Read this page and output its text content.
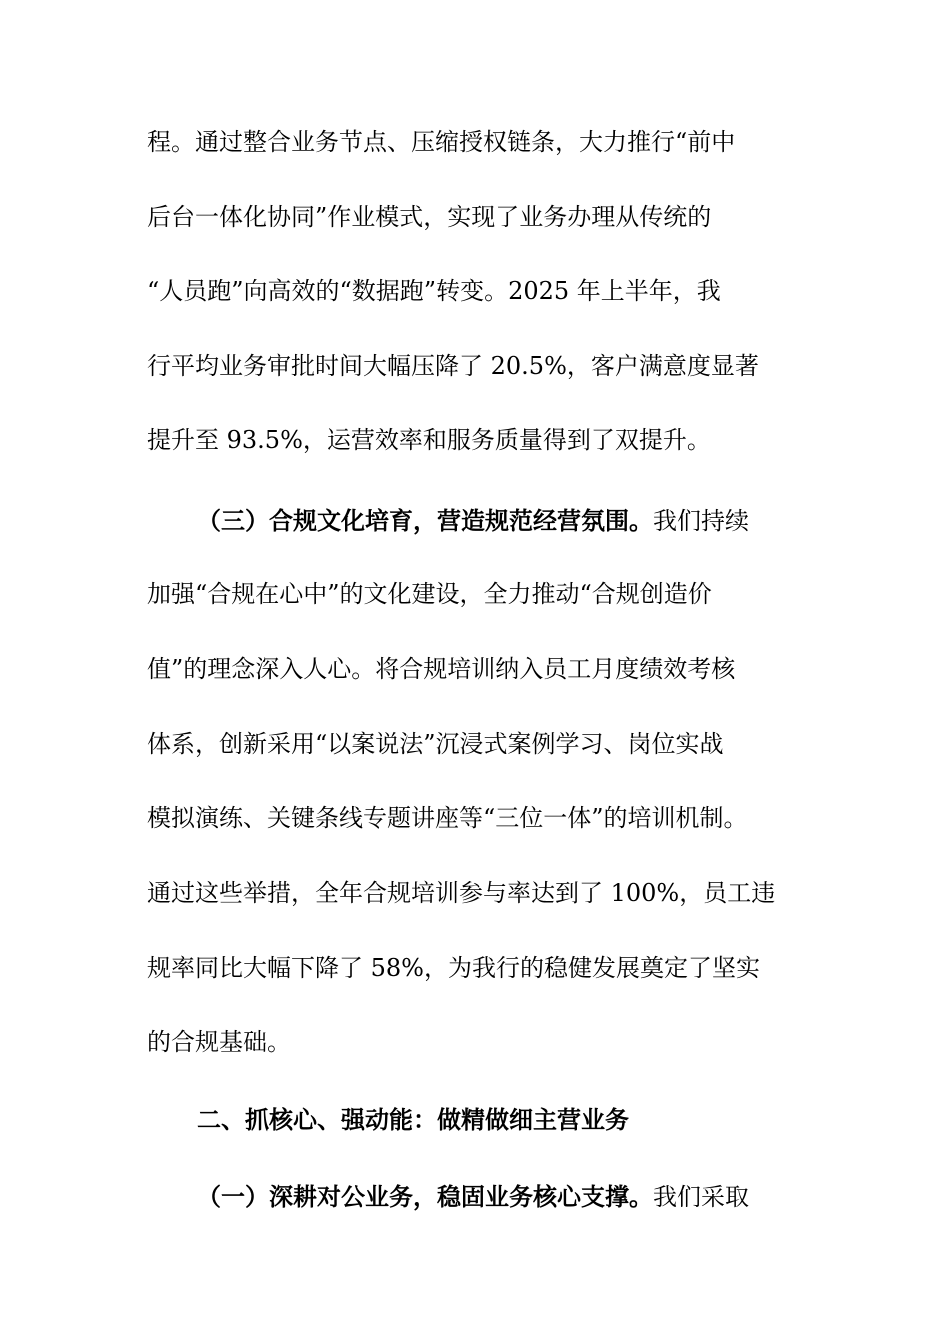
程。通过整合业务节点、压缩授权链条，大力推行“前中
后台一体化协同”作业模式，实现了业务办理从传统的
“人员跑”向高效的“数据跑”转变。2025 年上半年，我
行平均业务审批时间大幅压降了 20.5%，客户满意度显著
提升至 93.5%，运营效率和服务质量得到了双提升。
（三）合规文化培育，营造规范经营氛围。我们持续
加强“合规在心中”的文化建设，全力推动“合规创造价
值”的理念深入人心。将合规培训纳入员工月度绩效考核
体系，创新采用“以案说法”沉浸式案例学习、岗位实战
模拟演练、关键条线专题讲座等“三位一体”的培训机制。
通过这些举措，全年合规培训参与率达到了 100%，员工违
规率同比大幅下降了 58%，为我行的稳健发展奠定了坚实
的合规基础。
二、抓核心、强动能：做精做细主营业务
（一）深耕对公业务，稳固业务核心支撑。我们采取
